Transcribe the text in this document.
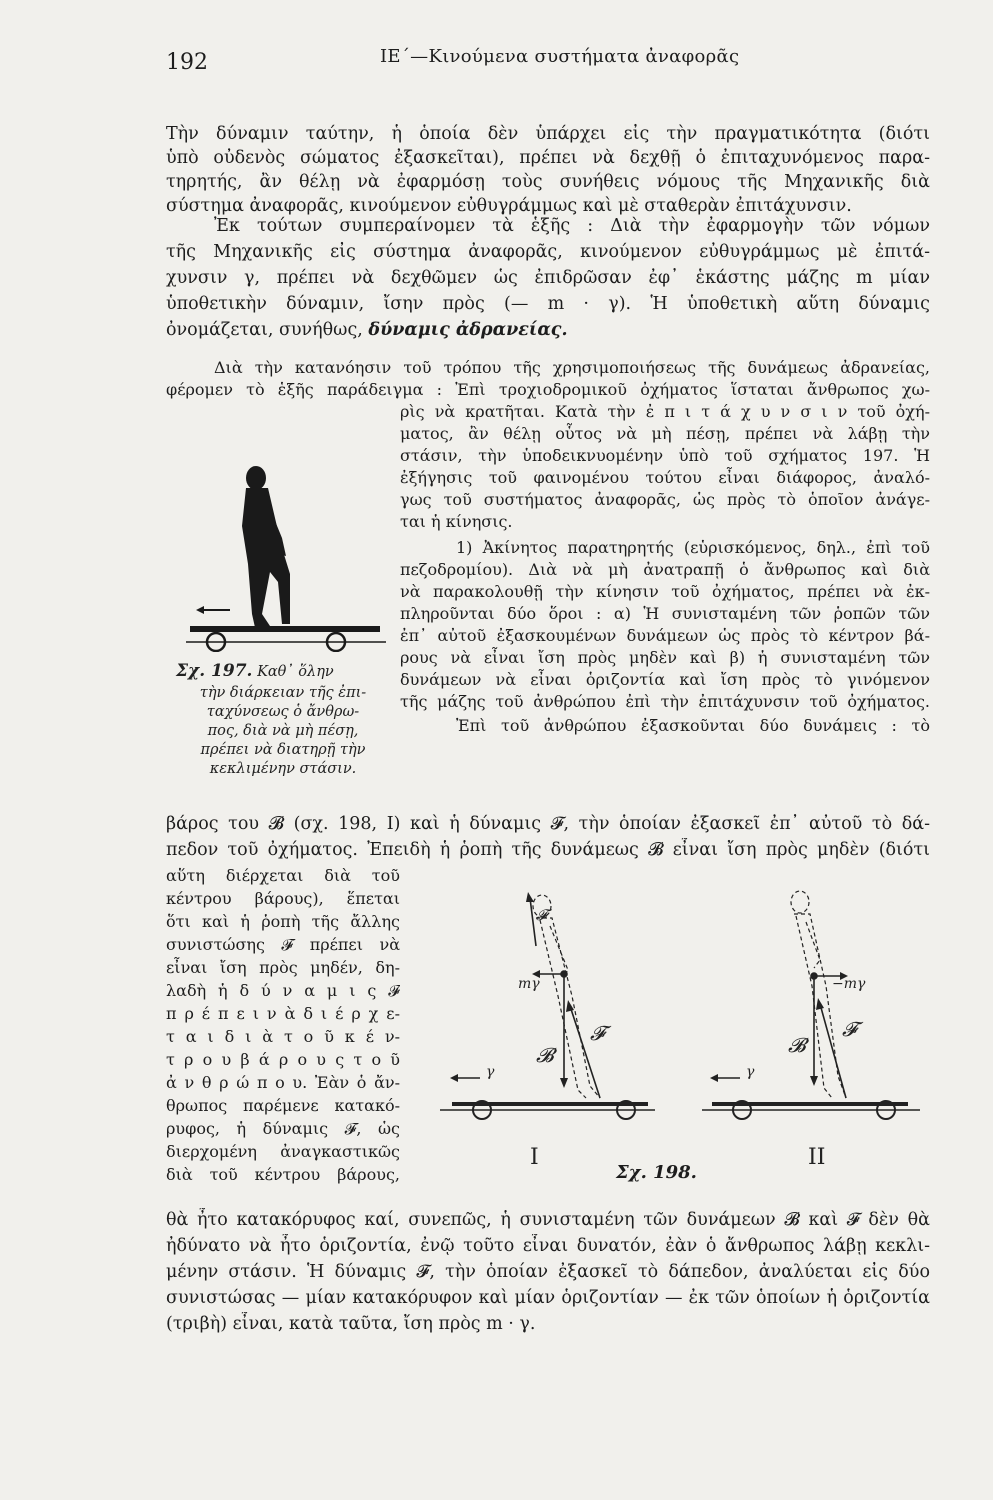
192	ΙΕ΄—Κινούμενα συστήματα ἀναφορᾶς
Τὴν δύναμιν ταύτην, ἡ ὁποία δὲν ὑπάρχει εἰς τὴν πραγματικότητα (διότι
ὑπὸ οὐδενὸς σώματος ἐξασκεῖται), πρέπει νὰ δεχθῇ ὁ ἐπιταχυνόμενος παρα-
τηρητής, ἂν θέλῃ νὰ ἐφαρμόσῃ τοὺς συνήθεις νόμους τῆς Μηχανικῆς διὰ
σύστημα ἀναφορᾶς, κινούμενον εὐθυγράμμως καὶ μὲ σταθερὰν ἐπιτάχυνσιν.
Ἐκ τούτων συμπεραίνομεν τὰ ἑξῆς : Διὰ τὴν ἐφαρμογὴν τῶν νόμων
τῆς Μηχανικῆς εἰς σύστημα ἀναφορᾶς, κινούμενον εὐθυγράμμως μὲ ἐπιτά-
χυνσιν γ, πρέπει νὰ δεχθῶμεν ὡς ἐπιδρῶσαν ἐφ᾽ ἑκάστης μάζης m μίαν
ὑποθετικὴν δύναμιν, ἴσην πρὸς (— m · γ). Ἡ ὑποθετικὴ αὕτη δύναμις
ὀνομάζεται, συνήθως, δύναμις ἀδρανείας.
Διὰ τὴν κατανόησιν τοῦ τρόπου τῆς χρησιμοποιήσεως τῆς δυνάμεως ἀδρανείας,
φέρομεν τὸ ἑξῆς παράδειγμα : Ἐπὶ τροχιοδρομικοῦ ὀχήματος ἵσταται ἄνθρωπος χω-
ρὶς νὰ κρατῆται. Κατὰ τὴν ἐ π ι τ ά χ υ ν σ ι ν τοῦ ὀχή-
ματος, ἂν θέλῃ οὗτος νὰ μὴ πέσῃ, πρέπει νὰ λάβῃ τὴν
στάσιν, τὴν ὑποδεικνυομένην ὑπὸ τοῦ σχήματος 197. Ἡ
ἐξήγησις τοῦ φαινομένου τούτου εἶναι διάφορος, ἀναλό-
γως τοῦ συστήματος ἀναφορᾶς, ὡς πρὸς τὸ ὁποῖον ἀνάγε-
ται ἡ κίνησις.
1) Ἀκίνητος παρατηρητής (εὑρισκόμενος, δηλ., ἐπὶ τοῦ
πεζοδρομίου). Διὰ νὰ μὴ ἀνατραπῇ ὁ ἄνθρωπος καὶ διὰ
νὰ παρακολουθῇ τὴν κίνησιν τοῦ ὀχήματος, πρέπει νὰ ἐκ-
πληροῦνται δύο ὅροι : α) Ἡ συνισταμένη τῶν ῥοπῶν τῶν
ἐπ᾽ αὐτοῦ ἐξασκουμένων δυνάμεων ὡς πρὸς τὸ κέντρον βά-
ρους νὰ εἶναι ἴση πρὸς μηδὲν καὶ β) ἡ συνισταμένη τῶν
δυνάμεων νὰ εἶναι ὁριζοντία καὶ ἴση πρὸς τὸ γινόμενον
τῆς μάζης τοῦ ἀνθρώπου ἐπὶ τὴν ἐπιτάχυνσιν τοῦ ὀχήματος.
Ἐπὶ τοῦ ἀνθρώπου ἐξασκοῦνται δύο δυνάμεις : τὸ
Σχ. 197. Καθ᾽ ὅλην
τὴν διάρκειαν τῆς ἐπι-
ταχύνσεως ὁ ἄνθρω-
πος, διὰ νὰ μὴ πέσῃ,
πρέπει νὰ διατηρῇ τὴν
κεκλιμένην στάσιν.
βάρος του 𝓑 (σχ. 198, I) καὶ ἡ δύναμις 𝓕, τὴν ὁποίαν ἐξασκεῖ ἐπ᾽ αὐτοῦ τὸ δά-
πεδον τοῦ ὀχήματος. Ἐπειδὴ ἡ ῥοπὴ τῆς δυνάμεως 𝓑 εἶναι ἴση πρὸς μηδὲν (διότι
αὕτη διέρχεται διὰ τοῦ
κέντρου βάρους), ἕπεται
ὅτι καὶ ἡ ῥοπὴ τῆς ἄλλης
συνιστώσης 𝓕 πρέπει νὰ
εἶναι ἴση πρὸς μηδέν, δη-
λαδὴ ἡ δ ύ ν α μ ι ς 𝓕
π ρ έ π ε ι ν ὰ δ ι έ ρ χ ε-
τ α ι δ ι ὰ τ ο ῦ κ έ ν-
τ ρ ο υ β ά ρ ο υ ς τ ο ῦ
ἀ ν θ ρ ώ π ο υ. Ἐὰν ὁ ἄν-
θρωπος παρέμενε κατακό-
ρυφος, ἡ δύναμις 𝓕, ὡς
διερχομένη ἀναγκαστικῶς
διὰ τοῦ κέντρου βάρους,
𝓕
mγ
𝓕
𝓑
γ
−mγ
𝓕
𝓑
γ
I	II
Σχ. 198.
θὰ ἦτο κατακόρυφος καί, συνεπῶς, ἡ συνισταμένη τῶν δυνάμεων 𝓑 καὶ 𝓕 δὲν θὰ
ἠδύνατο νὰ ἦτο ὁριζοντία, ἐνῷ τοῦτο εἶναι δυνατόν, ἐὰν ὁ ἄνθρωπος λάβῃ κεκλι-
μένην στάσιν. Ἡ δύναμις 𝓕, τὴν ὁποίαν ἐξασκεῖ τὸ δάπεδον, ἀναλύεται εἰς δύο
συνιστώσας — μίαν κατακόρυφον καὶ μίαν ὁριζοντίαν — ἐκ τῶν ὁποίων ἡ ὁριζοντία
(τριβὴ) εἶναι, κατὰ ταῦτα, ἴση πρὸς m · γ.
